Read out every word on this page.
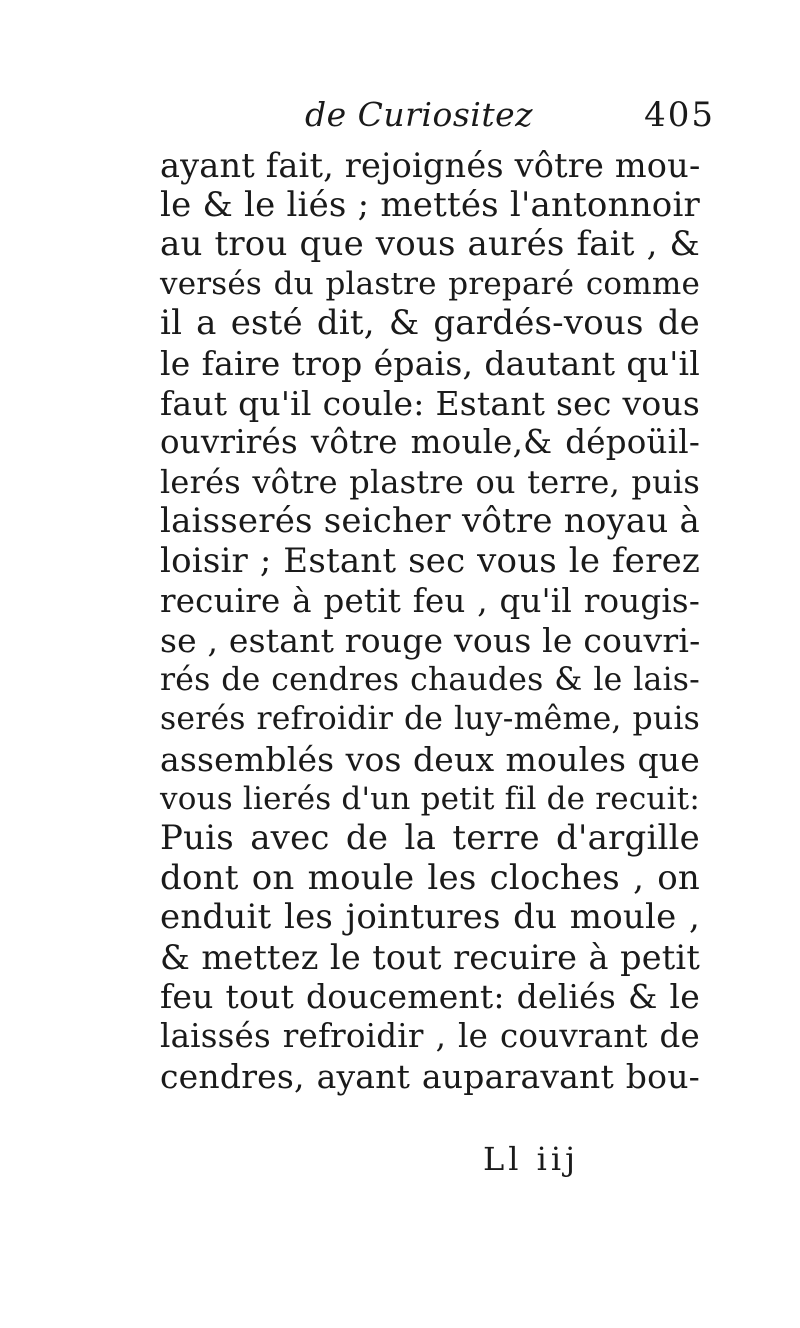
de Curiositez	405
ayant fait, rejoignés vôtre mou-
le & le liés ; mettés l'antonnoir
au trou que vous aurés fait , &
versés du plastre preparé comme
il a esté dit, & gardés-vous de
le faire trop épais, dautant qu'il
faut qu'il coule: Estant sec vous
ouvrirés vôtre moule,& dépoüil-
lerés vôtre plastre ou terre, puis
laisserés seicher vôtre noyau à
loisir ; Estant sec vous le ferez
recuire à petit feu , qu'il rougis-
se , estant rouge vous le couvri-
rés de cendres chaudes & le lais-
serés refroidir de luy-même, puis
assemblés vos deux moules que
vous lierés d'un petit fil de recuit:
Puis avec de la terre d'argille
dont on moule les cloches , on
enduit les jointures du moule ,
& mettez le tout recuire à petit
feu tout doucement: deliés & le
laissés refroidir , le couvrant de
cendres, ayant auparavant bou-
Ll iij
